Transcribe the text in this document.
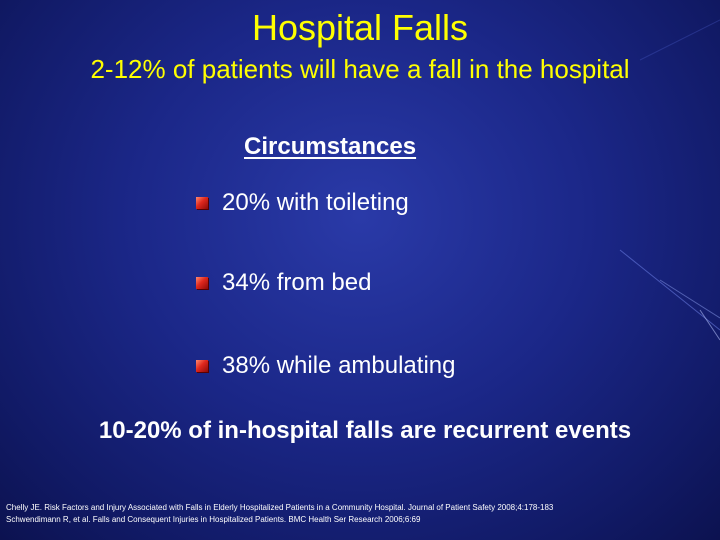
Hospital Falls
2-12% of patients will have a fall in the hospital
Circumstances
20% with toileting
34% from bed
38% while ambulating
10-20% of in-hospital falls are recurrent events
Chelly JE. Risk Factors and Injury Associated with Falls in Elderly Hospitalized Patients in a Community Hospital. Journal of Patient Safety 2008;4:178-183
Schwendimann R, et al. Falls and Consequent Injuries in Hospitalized Patients. BMC Health Ser Research 2006;6:69
